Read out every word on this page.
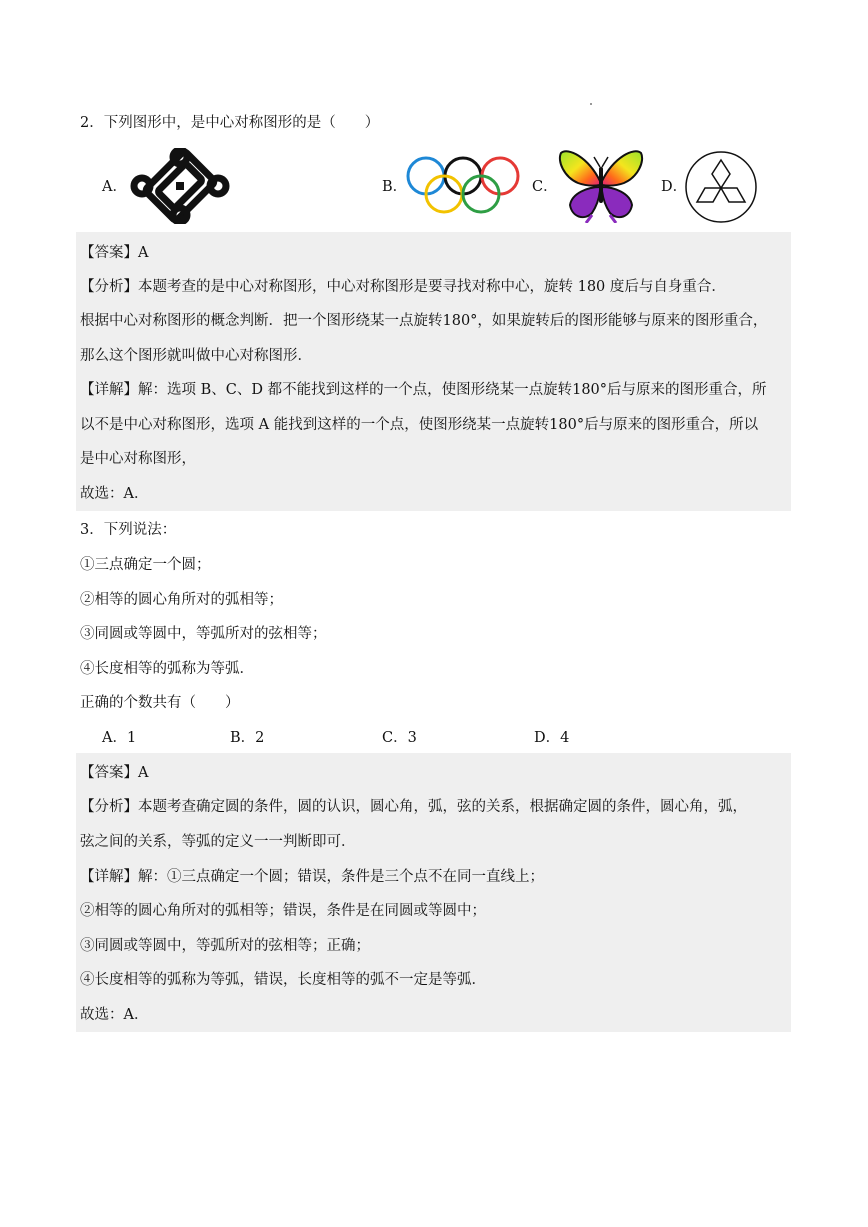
2．下列图形中，是中心对称图形的是（　　）
A．	B．	C．	D．
【答案】A
【分析】本题考查的是中心对称图形，中心对称图形是要寻找对称中心，旋转 180 度后与自身重合．
根据中心对称图形的概念判断．把一个图形绕某一点旋转180°，如果旋转后的图形能够与原来的图形重合，
那么这个图形就叫做中心对称图形．
【详解】解：选项 B、C、D 都不能找到这样的一个点，使图形绕某一点旋转180°后与原来的图形重合，所
以不是中心对称图形，选项 A 能找到这样的一个点，使图形绕某一点旋转180°后与原来的图形重合，所以
是中心对称图形，
故选：A．
3．下列说法：
①三点确定一个圆；
②相等的圆心角所对的弧相等；
③同圆或等圆中，等弧所对的弦相等；
④长度相等的弧称为等弧．
正确的个数共有（　　）
A．1	B．2	C．3	D．4
【答案】A
【分析】本题考查确定圆的条件，圆的认识，圆心角，弧，弦的关系，根据确定圆的条件，圆心角，弧，
弦之间的关系，等弧的定义一一判断即可．
【详解】解：①三点确定一个圆；错误，条件是三个点不在同一直线上；
②相等的圆心角所对的弧相等；错误，条件是在同圆或等圆中；
③同圆或等圆中，等弧所对的弦相等；正确；
④长度相等的弧称为等弧，错误，长度相等的弧不一定是等弧．
故选：A．
